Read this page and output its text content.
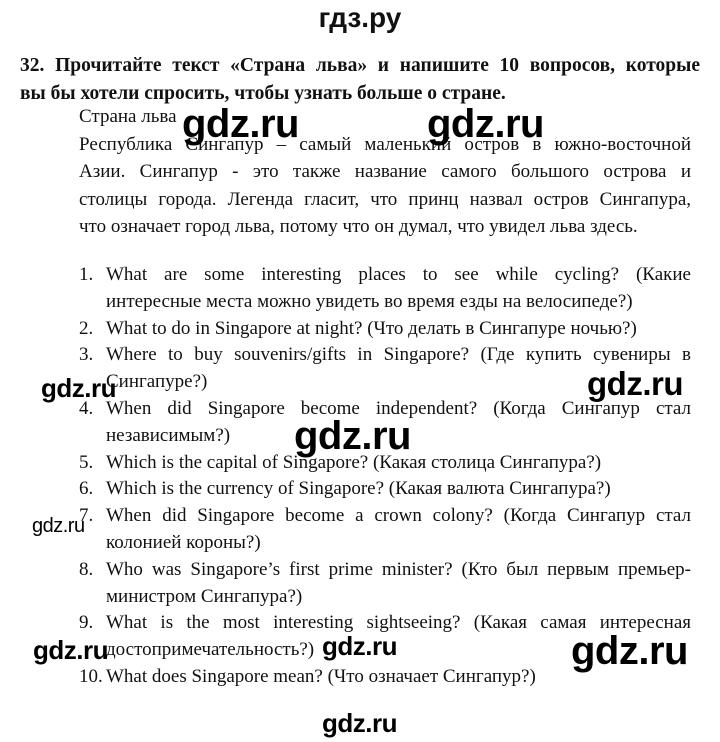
гдз.ру
32. Прочитайте текст «Страна льва» и напишите 10 вопросов, которые
вы бы хотели спросить, чтобы узнать больше о стране.
Страна льва
Республика Сингапур – самый маленький остров в южно-восточной
Азии. Сингапур - это также название самого большого острова и
столицы города. Легенда гласит, что принц назвал остров Сингапура,
что означает город льва, потому что он думал, что увидел льва здесь.
1. What are some interesting places to see while cycling? (Какие
интересные места можно увидеть во время езды на велосипеде?)
2. What to do in Singapore at night? (Что делать в Сингапуре ночью?)
3. Where to buy souvenirs/gifts in Singapore? (Где купить сувениры в
Сингапуре?)
4. When did Singapore become independent? (Когда Сингапур стал
независимым?)
5. Which is the capital of Singapore? (Какая столица Сингапура?)
6. Which is the currency of Singapore? (Какая валюта Сингапура?)
7. When did Singapore become a crown colony? (Когда Сингапур стал
колонией короны?)
8. Who was Singapore’s first prime minister? (Кто был первым премьер-
министром Сингапура?)
9. What is the most interesting sightseeing? (Какая самая интересная
достопримечательность?)
10. What does Singapore mean? (Что означает Сингапур?)
gdz.ru	gdz.ru
gdz.ru	gdz.ru
gdz.ru
gdz.ru
gdz.ru	gdz.ru	gdz.ru
gdz.ru
